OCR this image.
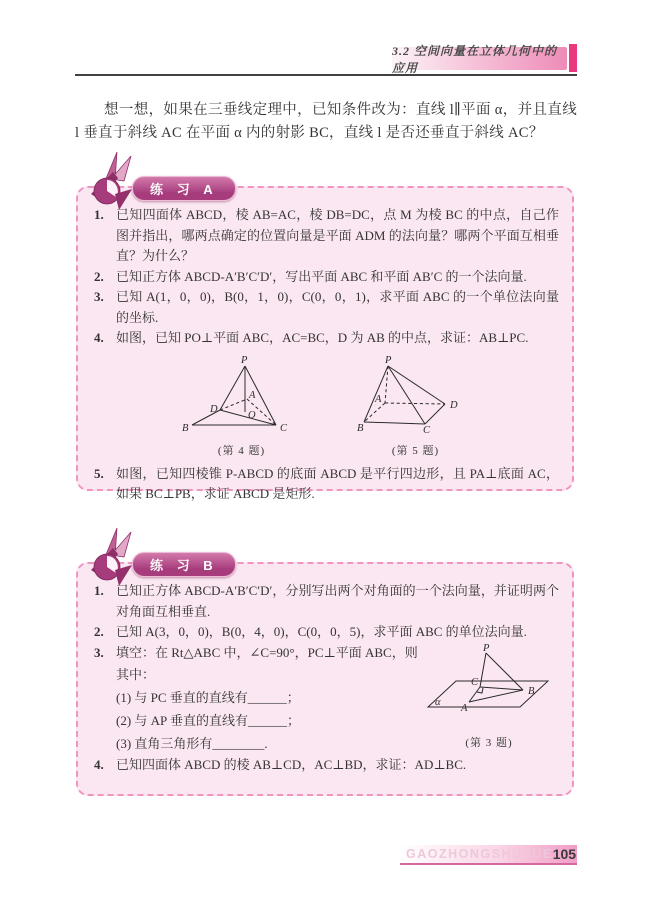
3.2 空间向量在立体几何中的应用

想一想，如果在三垂线定理中，已知条件改为：直线 l∥平面 α，并且直线 l 垂直于斜线 AC 在平面 α 内的射影 BC，直线 l 是否还垂直于斜线 AC？

练 习 A
1. 已知四面体 ABCD，棱 AB=AC，棱 DB=DC，点 M 为棱 BC 的中点，自己作图并指出，哪两点确定的位置向量是平面 ADM 的法向量？哪两个平面互相垂直？为什么？
2. 已知正方体 ABCD-A′B′C′D′，写出平面 ABC 和平面 AB′C 的一个法向量.
3. 已知 A(1，0，0)，B(0，1，0)，C(0，0，1)，求平面 ABC 的一个单位法向量的坐标.
4. 如图，已知 PO⊥平面 ABC，AC=BC，D 为 AB 的中点，求证：AB⊥PC.
P
A
O
D
B	C
(第 4 题)
P
A
B	C
D
(第 5 题)
5. 如图，已知四棱锥 P-ABCD 的底面 ABCD 是平行四边形，且 PA⊥底面 AC，如果 BC⊥PB，求证 ABCD 是矩形.
练 习 B
1. 已知正方体 ABCD-A′B′C′D′，分别写出两个对角面的一个法向量，并证明两个对角面互相垂直.
2. 已知 A(3，0，0)，B(0，4，0)，C(0，0，5)，求平面 ABC 的单位法向量.
3. 填空：在 Rt△ABC 中，∠C=90°，PC⊥平面 ABC，则
其中：
(1) 与 PC 垂直的直线有______；
(2) 与 AP 垂直的直线有______；
(3) 直角三角形有________.
P
C
A
B
α
(第 3 题)
4. 已知四面体 ABCD 的棱 AB⊥CD，AC⊥BD，求证：AD⊥BC.
GAOZHONGSHUXUE 105
